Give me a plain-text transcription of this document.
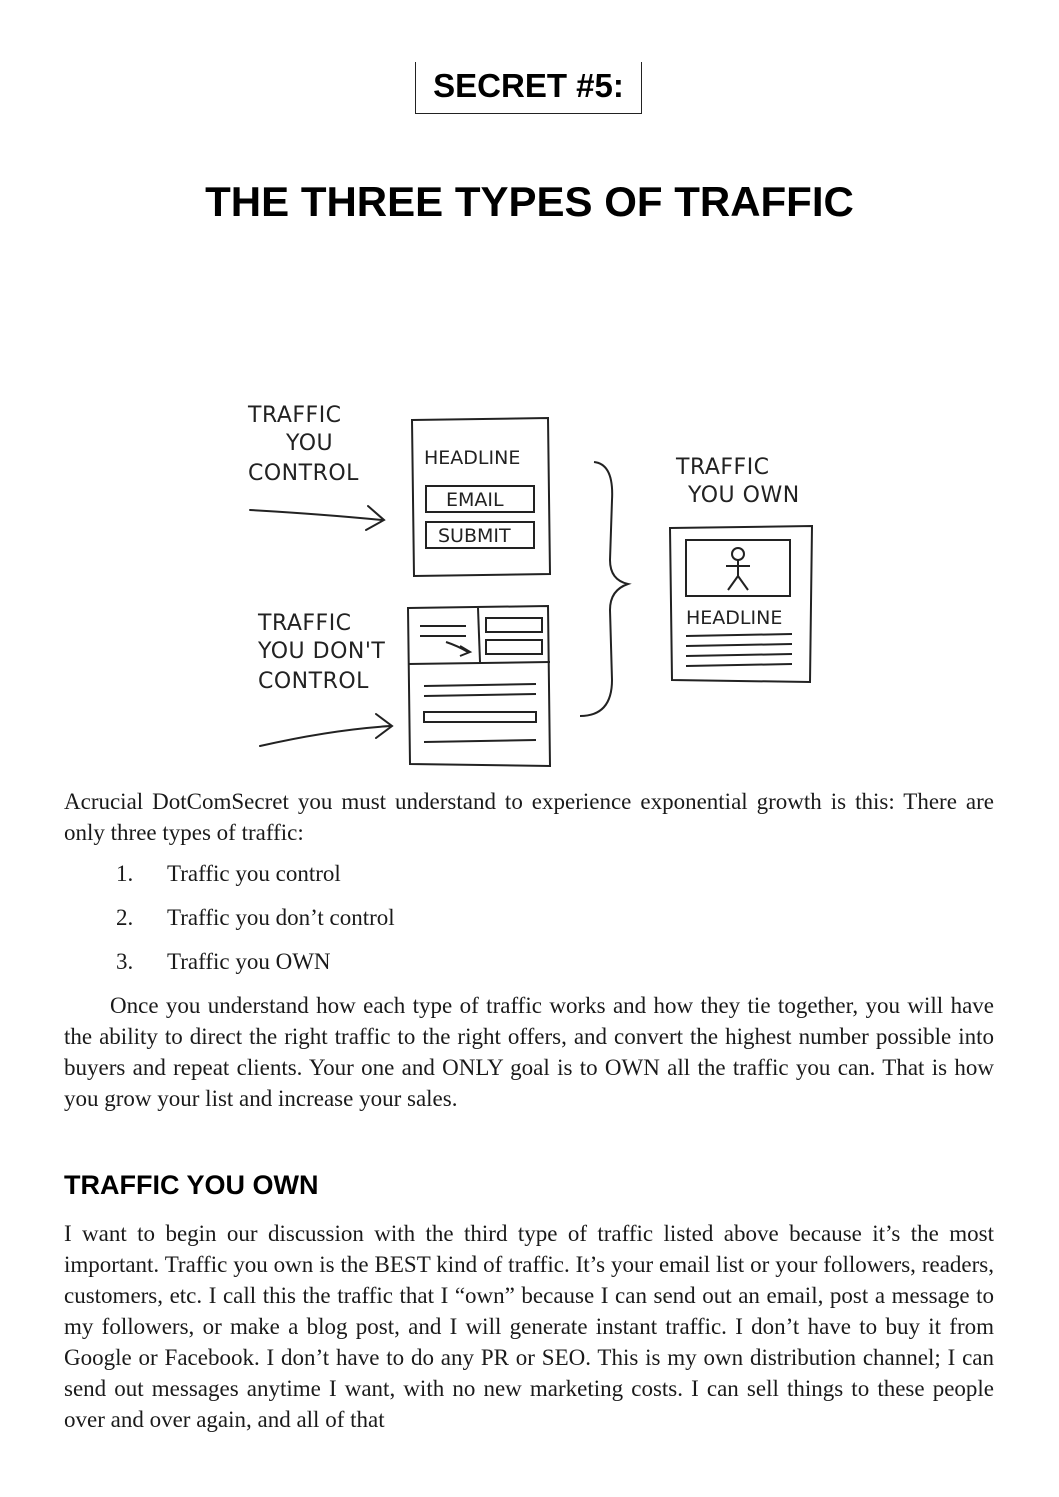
SECRET #5:
THE THREE TYPES OF TRAFFIC
TRAFFIC
YOU
CONTROL
HEADLINE
EMAIL
SUBMIT
TRAFFIC
YOU DON'T
CONTROL
TRAFFIC
YOU OWN
HEADLINE

Acrucial DotComSecret you must understand to experience exponential growth is this: There are only three types of traffic:

1. Traffic you control
2. Traffic you don’t control
3. Traffic you OWN

Once you understand how each type of traffic works and how they tie together, you will have the ability to direct the right traffic to the right offers, and convert the highest number possible into buyers and repeat clients. Your one and ONLY goal is to OWN all the traffic you can. That is how you grow your list and increase your sales.

TRAFFIC YOU OWN

I want to begin our discussion with the third type of traffic listed above because it’s the most important. Traffic you own is the BEST kind of traffic. It’s your email list or your followers, readers, customers, etc. I call this the traffic that I “own” because I can send out an email, post a message to my followers, or make a blog post, and I will generate instant traffic. I don’t have to buy it from Google or Facebook. I don’t have to do any PR or SEO. This is my own distribution channel; I can send out messages anytime I want, with no new marketing costs. I can sell things to these people over and over again, and all of that
